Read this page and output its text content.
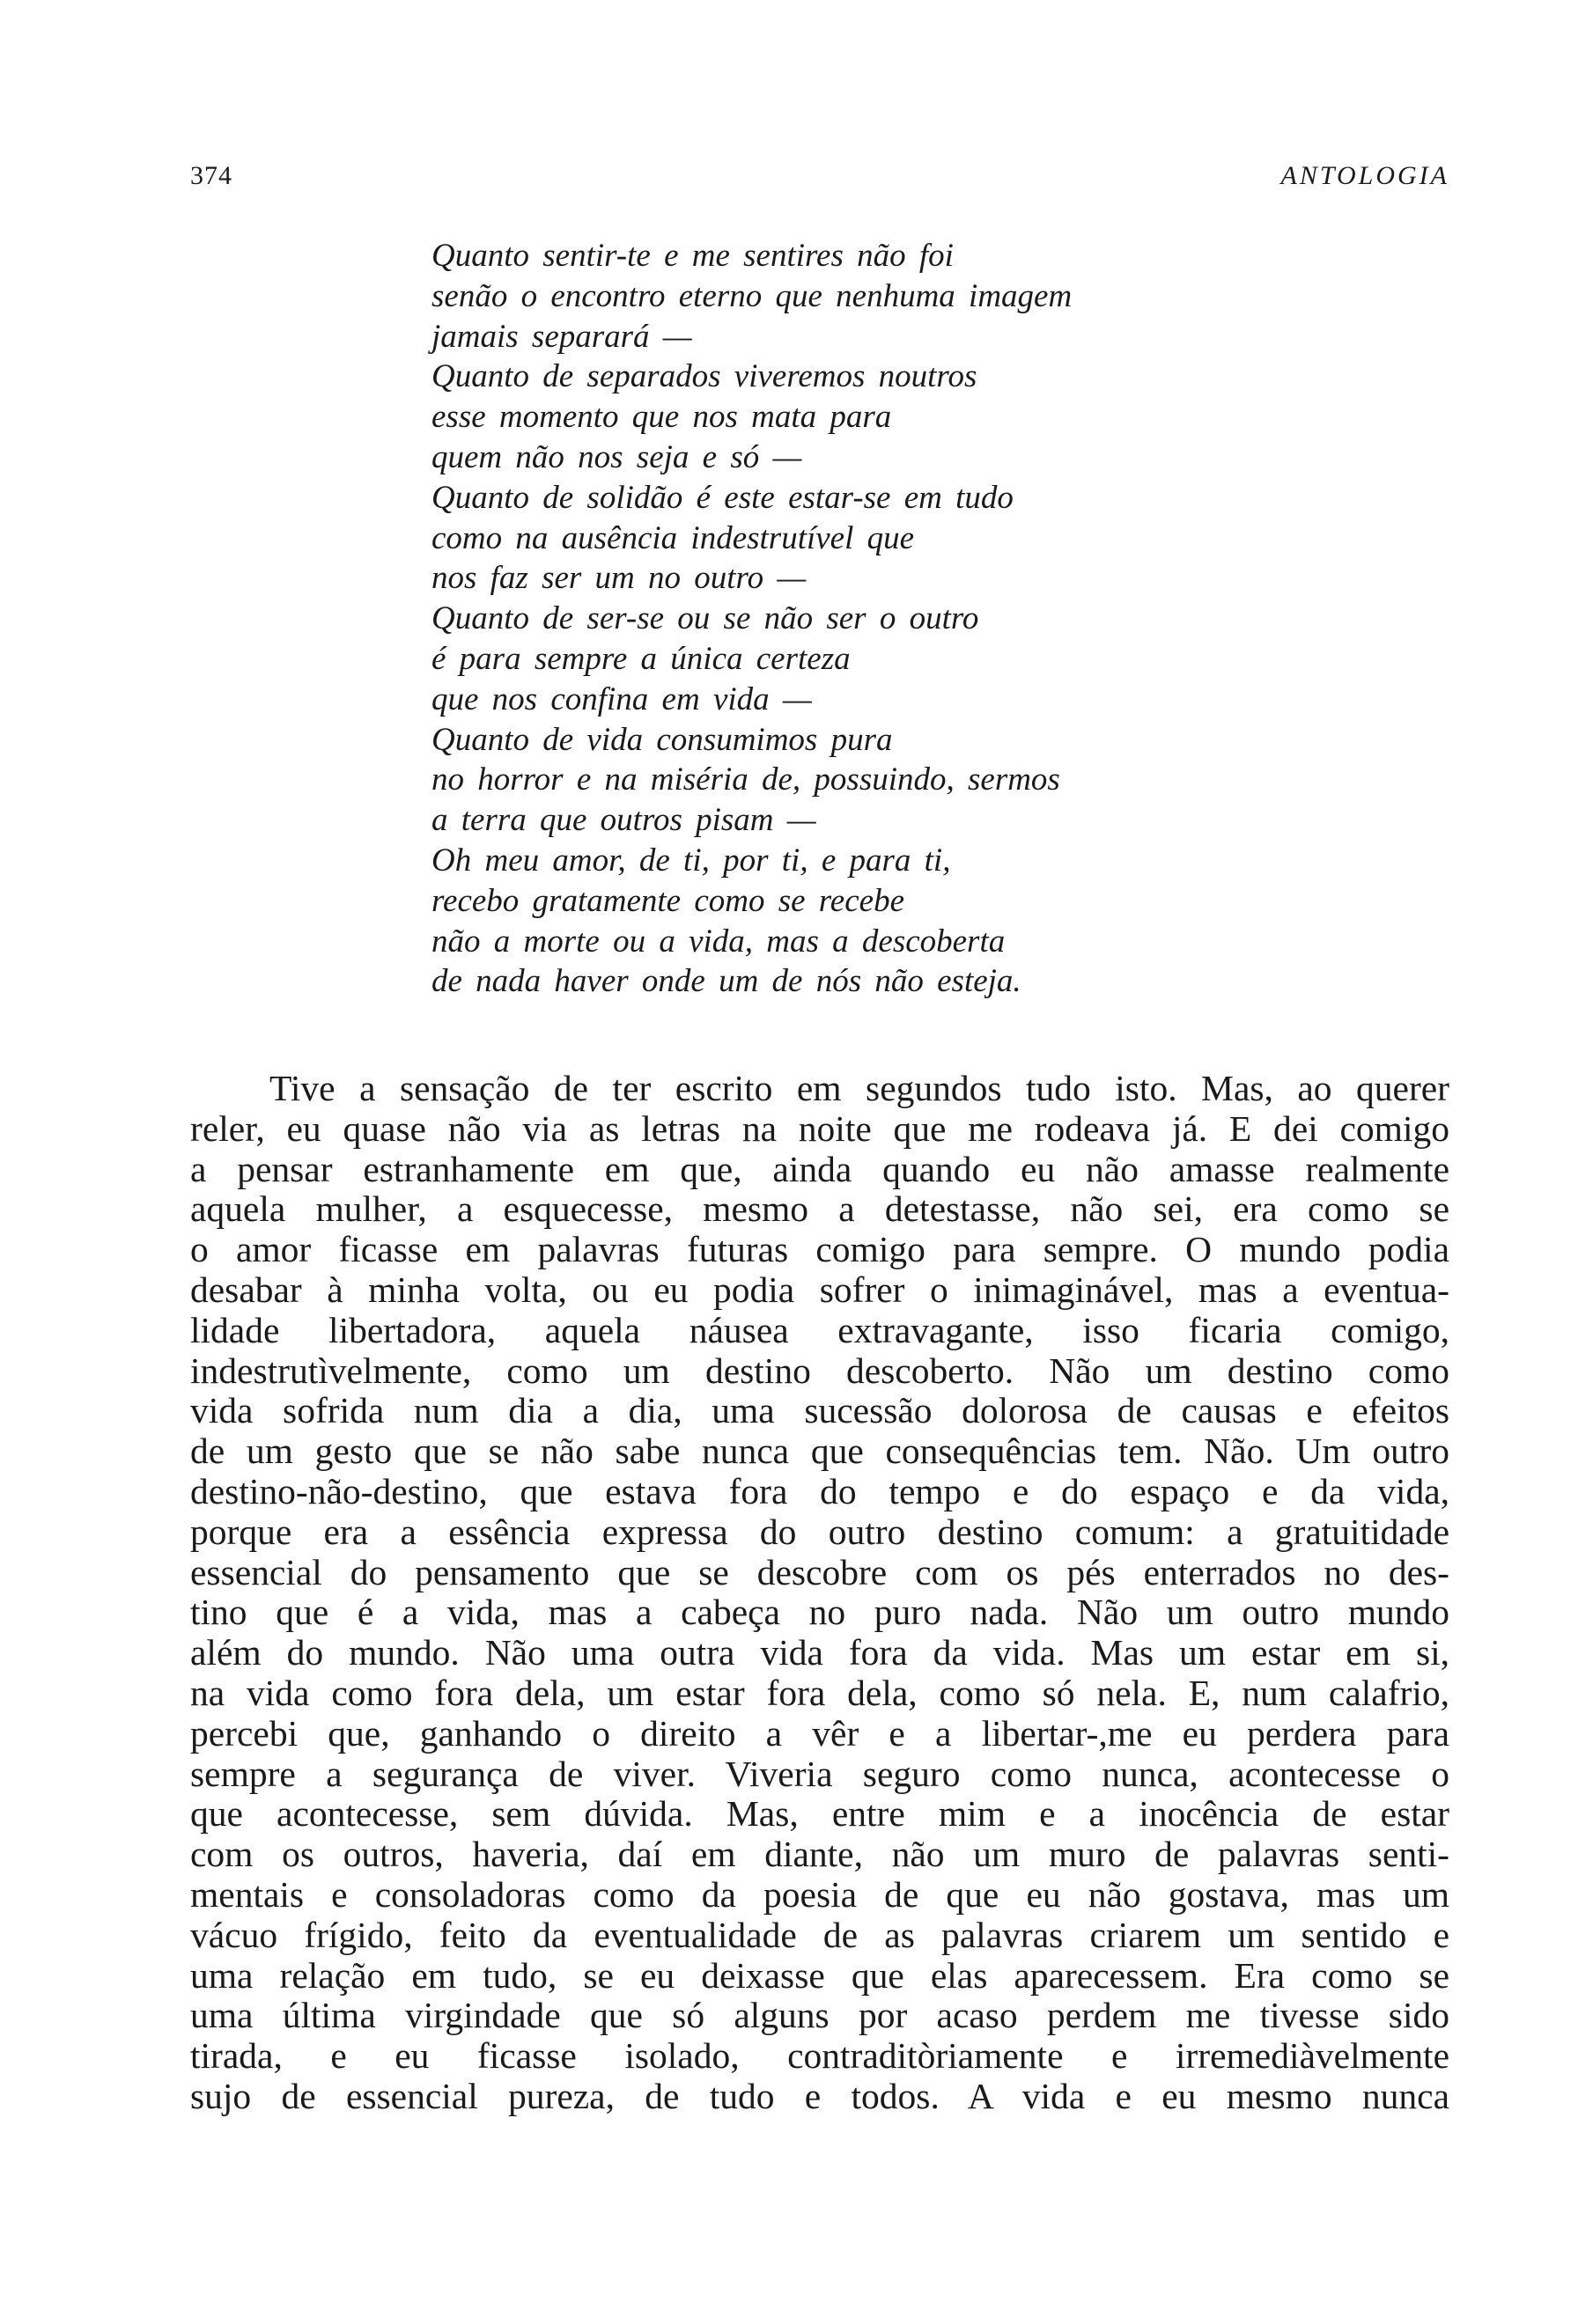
374	ANTOLOGIA
Quanto sentir-te e me sentires não foi
senão o encontro eterno que nenhuma imagem
jamais separará —
Quanto de separados viveremos noutros
esse momento que nos mata para
quem não nos seja e só —
Quanto de solidão é este estar-se em tudo
como na ausência indestrutível que
nos faz ser um no outro —
Quanto de ser-se ou se não ser o outro
é para sempre a única certeza
que nos confina em vida —
Quanto de vida consumimos pura
no horror e na miséria de, possuindo, sermos
a terra que outros pisam —
Oh meu amor, de ti, por ti, e para ti,
recebo gratamente como se recebe
não a morte ou a vida, mas a descoberta
de nada haver onde um de nós não esteja.
Tive a sensação de ter escrito em segundos tudo isto. Mas, ao querer
reler, eu quase não via as letras na noite que me rodeava já. E dei comigo
a pensar estranhamente em que, ainda quando eu não amasse realmente
aquela mulher, a esquecesse, mesmo a detestasse, não sei, era como se
o amor ficasse em palavras futuras comigo para sempre. O mundo podia
desabar à minha volta, ou eu podia sofrer o inimaginável, mas a eventua-
lidade libertadora, aquela náusea extravagante, isso ficaria comigo,
indestrutìvelmente, como um destino descoberto. Não um destino como
vida sofrida num dia a dia, uma sucessão dolorosa de causas e efeitos
de um gesto que se não sabe nunca que consequências tem. Não. Um outro
destino-não-destino, que estava fora do tempo e do espaço e da vida,
porque era a essência expressa do outro destino comum: a gratuitidade
essencial do pensamento que se descobre com os pés enterrados no des-
tino que é a vida, mas a cabeça no puro nada. Não um outro mundo
além do mundo. Não uma outra vida fora da vida. Mas um estar em si,
na vida como fora dela, um estar fora dela, como só nela. E, num calafrio,
percebi que, ganhando o direito a vêr e a libertar-,me eu perdera para
sempre a segurança de viver. Viveria seguro como nunca, acontecesse o
que acontecesse, sem dúvida. Mas, entre mim e a inocência de estar
com os outros, haveria, daí em diante, não um muro de palavras senti-
mentais e consoladoras como da poesia de que eu não gostava, mas um
vácuo frígido, feito da eventualidade de as palavras criarem um sentido e
uma relação em tudo, se eu deixasse que elas aparecessem. Era como se
uma última virgindade que só alguns por acaso perdem me tivesse sido
tirada, e eu ficasse isolado, contraditòriamente e irremediàvelmente
sujo de essencial pureza, de tudo e todos. A vida e eu mesmo nunca
